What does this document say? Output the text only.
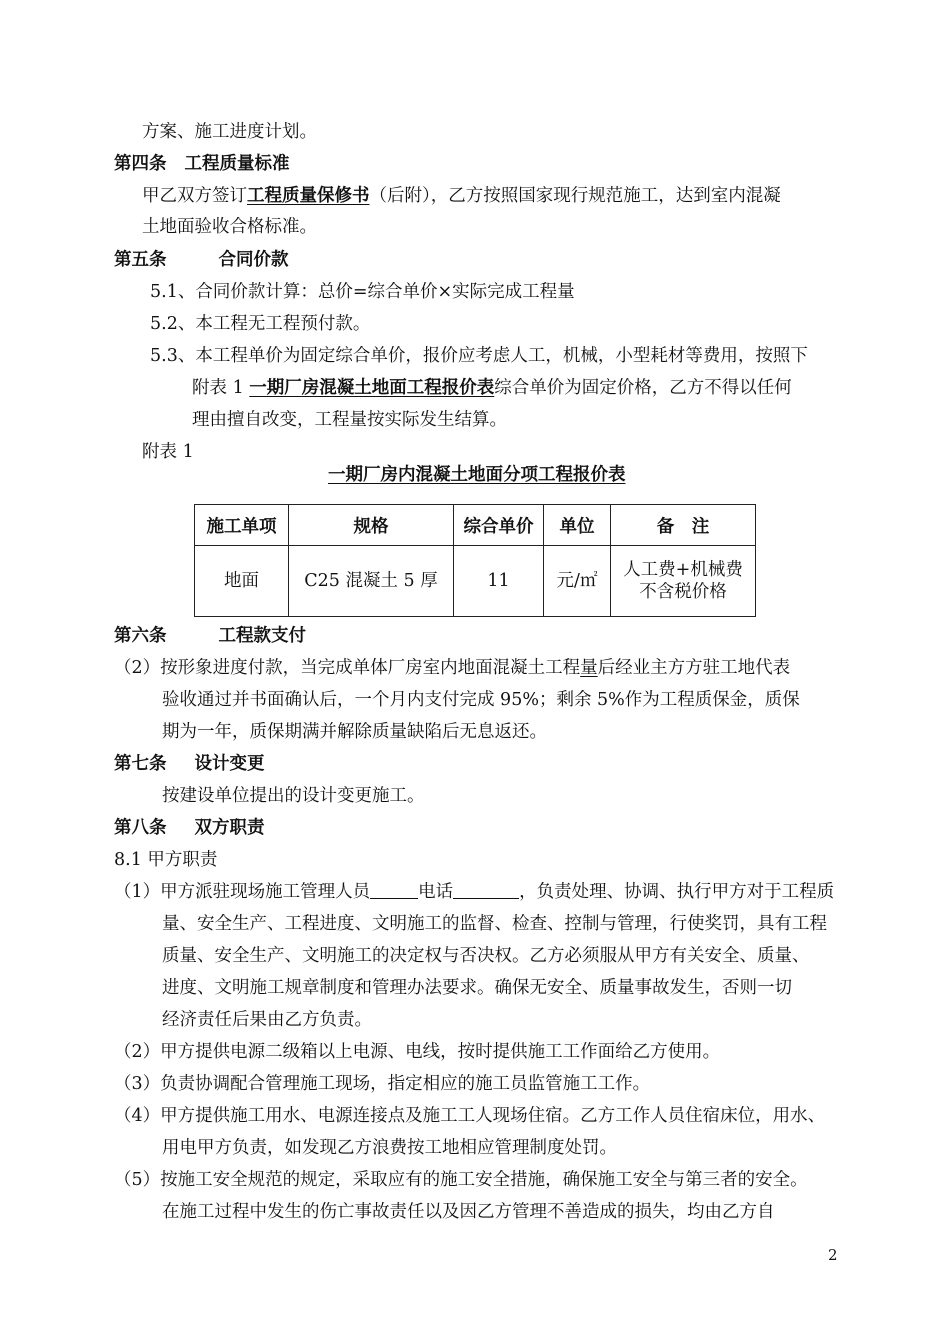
方案、施工进度计划。
第四条 工程质量标准
甲乙双方签订工程质量保修书（后附），乙方按照国家现行规范施工，达到室内混凝
土地面验收合格标准。
第五条	合同价款
5.1、合同价款计算：总价=综合单价×实际完成工程量
5.2、本工程无工程预付款。
5.3、本工程单价为固定综合单价，报价应考虑人工，机械，小型耗材等费用，按照下
附表 1 一期厂房混凝土地面工程报价表综合单价为固定价格，乙方不得以任何
理由擅自改变，工程量按实际发生结算。
附表 1
一期厂房内混凝土地面分项工程报价表
施工单项	规格	综合单价	单位	备　注
地面	C25 混凝土 5 厚	11	元/㎡	人工费+机械费
不含税价格
第六条	工程款支付
（2）按形象进度付款，当完成单体厂房室内地面混凝土工程量后经业主方方驻工地代表
验收通过并书面确认后，一个月内支付完成 95%；剩余 5%作为工程质保金，质保
期为一年，质保期满并解除质量缺陷后无息返还。
第七条 设计变更
按建设单位提出的设计变更施工。
第八条 双方职责
8.1 甲方职责
（1）甲方派驻现场施工管理人员	电话	，负责处理、协调、执行甲方对于工程质
量、安全生产、工程进度、文明施工的监督、检查、控制与管理，行使奖罚，具有工程
质量、安全生产、文明施工的决定权与否决权。乙方必须服从甲方有关安全、质量、
进度、文明施工规章制度和管理办法要求。确保无安全、质量事故发生，否则一切
经济责任后果由乙方负责。
（2）甲方提供电源二级箱以上电源、电线，按时提供施工工作面给乙方使用。
（3）负责协调配合管理施工现场，指定相应的施工员监管施工工作。
（4）甲方提供施工用水、电源连接点及施工工人现场住宿。乙方工作人员住宿床位，用水、
用电甲方负责，如发现乙方浪费按工地相应管理制度处罚。
（5）按施工安全规范的规定，采取应有的施工安全措施，确保施工安全与第三者的安全。
在施工过程中发生的伤亡事故责任以及因乙方管理不善造成的损失，均由乙方自
2
